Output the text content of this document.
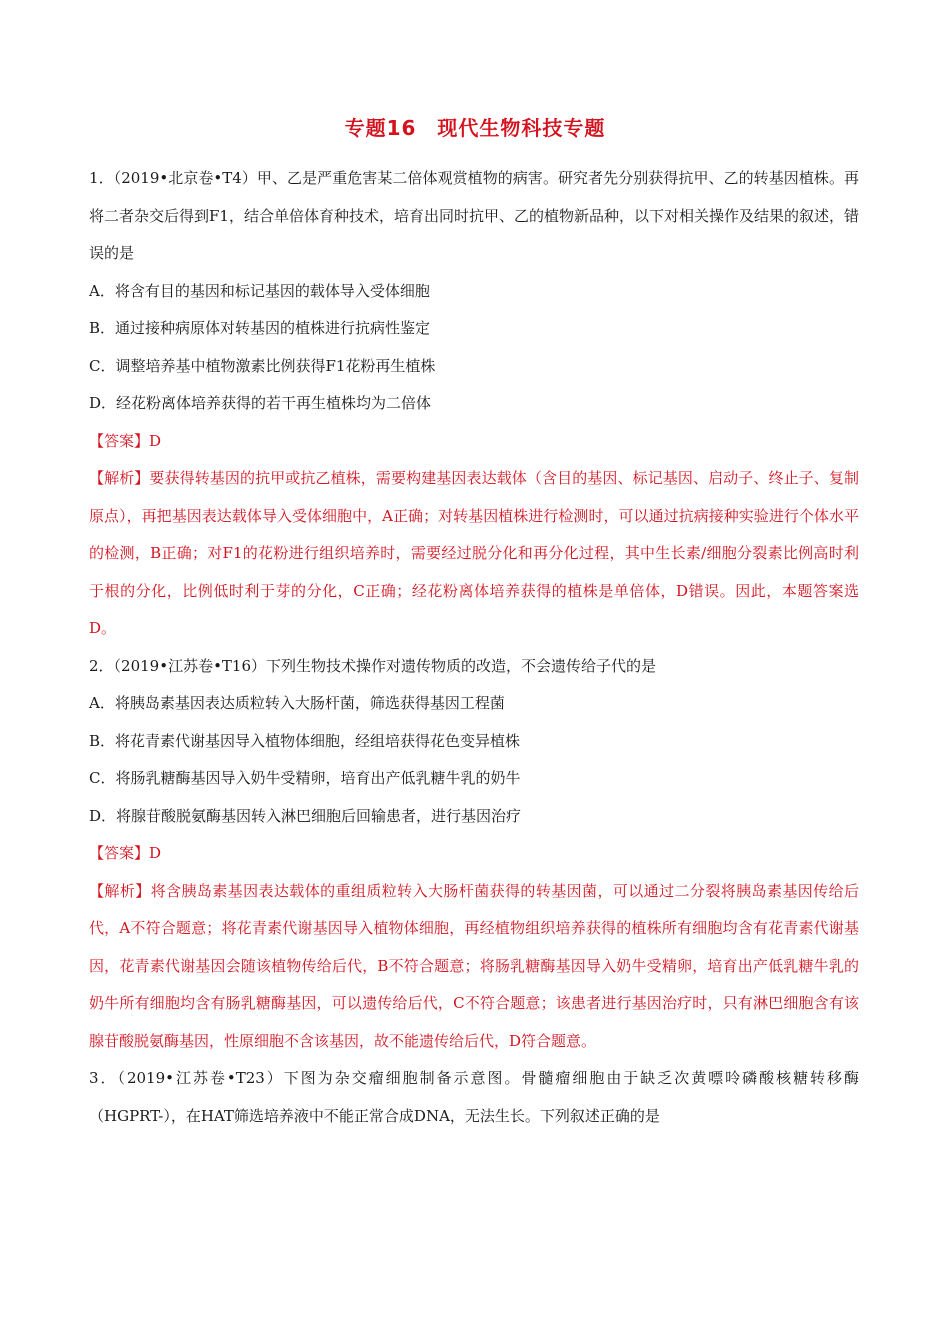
专题16　现代生物科技专题

1．（2019•北京卷•T4）甲、乙是严重危害某二倍体观赏植物的病害。研究者先分别获得抗甲、乙的转基因植株。再将二者杂交后得到F1，结合单倍体育种技术，培育出同时抗甲、乙的植物新品种，以下对相关操作及结果的叙述，错误的是

A．将含有目的基因和标记基因的载体导入受体细胞

B．通过接种病原体对转基因的植株进行抗病性鉴定

C．调整培养基中植物激素比例获得F1花粉再生植株

D．经花粉离体培养获得的若干再生植株均为二倍体

【答案】D

【解析】要获得转基因的抗甲或抗乙植株，需要构建基因表达载体（含目的基因、标记基因、启动子、终止子、复制原点），再把基因表达载体导入受体细胞中，A正确；对转基因植株进行检测时，可以通过抗病接种实验进行个体水平的检测，B正确；对F1的花粉进行组织培养时，需要经过脱分化和再分化过程，其中生长素/细胞分裂素比例高时利于根的分化，比例低时利于芽的分化，C正确；经花粉离体培养获得的植株是单倍体，D错误。因此，本题答案选D。

2．（2019•江苏卷•T16）下列生物技术操作对遗传物质的改造，不会遗传给子代的是

A．将胰岛素基因表达质粒转入大肠杆菌，筛选获得基因工程菌

B．将花青素代谢基因导入植物体细胞，经组培获得花色变异植株

C．将肠乳糖酶基因导入奶牛受精卵，培育出产低乳糖牛乳的奶牛

D．将腺苷酸脱氨酶基因转入淋巴细胞后回输患者，进行基因治疗

【答案】D

【解析】将含胰岛素基因表达载体的重组质粒转入大肠杆菌获得的转基因菌，可以通过二分裂将胰岛素基因传给后代，A不符合题意；将花青素代谢基因导入植物体细胞，再经植物组织培养获得的植株所有细胞均含有花青素代谢基因，花青素代谢基因会随该植物传给后代，B不符合题意；将肠乳糖酶基因导入奶牛受精卵，培育出产低乳糖牛乳的奶牛所有细胞均含有肠乳糖酶基因，可以遗传给后代，C不符合题意；该患者进行基因治疗时，只有淋巴细胞含有该腺苷酸脱氨酶基因，性原细胞不含该基因，故不能遗传给后代，D符合题意。

3．（2019•江苏卷•T23）下图为杂交瘤细胞制备示意图。骨髓瘤细胞由于缺乏次黄嘌呤磷酸核糖转移酶（HGPRT-），在HAT筛选培养液中不能正常合成DNA，无法生长。下列叙述正确的是
